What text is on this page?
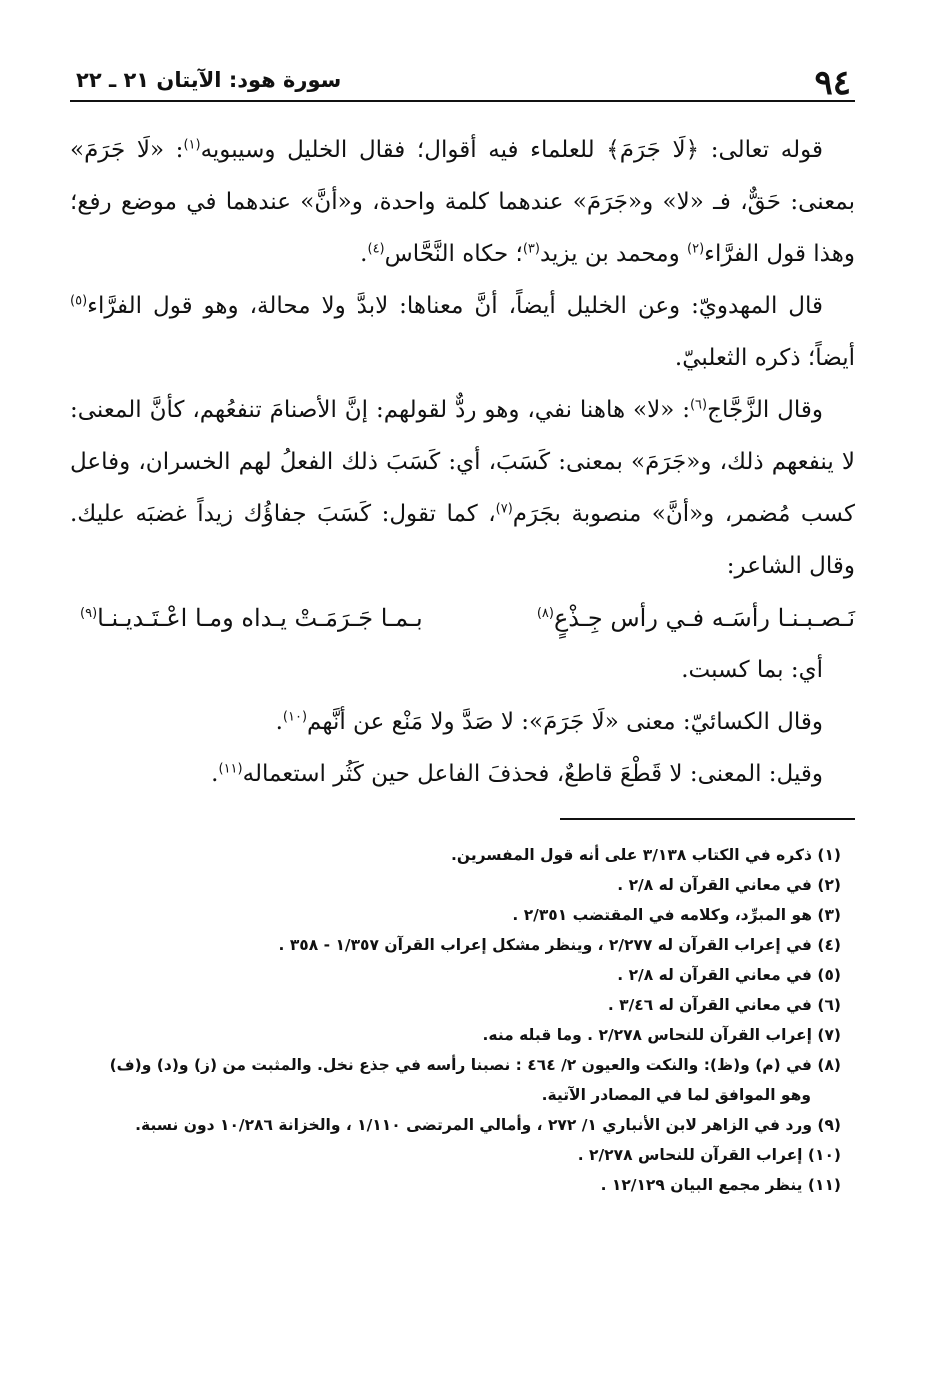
٩٤
سورة هود: الآيتان ٢١ ـ ٢٢

قوله تعالى: ﴿لَا جَرَمَ﴾ للعلماء فيه أقوال؛ فقال الخليل وسيبويه$^{(١)}$: «لَا جَرَمَ» بمعنى: حَقٌّ، فـ «لا» و«جَرَمَ» عندهما كلمة واحدة، و«أنَّ» عندهما في موضع رفع؛ وهذا قول الفرَّاء$^{(٢)}$ ومحمد بن يزيد$^{(٣)}$؛ حكاه النَّحَّاس$^{(٤)}$.

قال المهدويّ: وعن الخليل أيضاً، أنَّ معناها: لابدَّ ولا محالة، وهو قول الفرَّاء$^{(٥)}$ أيضاً؛ ذكره الثعلبيّ.

وقال الزَّجَّاج$^{(٦)}$: «لا» هاهنا نفي، وهو ردٌّ لقولهم: إنَّ الأصنامَ تنفعُهم، كأنَّ المعنى: لا ينفعهم ذلك، و«جَرَمَ» بمعنى: كَسَبَ، أي: كَسَبَ ذلك الفعلُ لهم الخسران، وفاعل كسب مُضمر، و«أنَّ» منصوبة بجَرَم$^{(٧)}$، كما تقول: كَسَبَ جفاؤُك زيداً غضبَه عليك. وقال الشاعر:

نَـصـبـنـا رأسَـه فـي رأس جِـذْعٍ$^{(٨)}$
بـمـا جَـرَمَـتْ يـداه ومـا اعْـتَـديـنـا$^{(٩)}$

أي: بما كسبت.

وقال الكسائيّ: معنى «لَا جَرَمَ»: لا صَدَّ ولا مَنْع عن أنَّهم$^{(١٠)}$.

وقيل: المعنى: لا قَطْعَ قاطعٌ، فحذفَ الفاعل حين كَثُر استعماله$^{(١١)}$.

(١) ذكره في الكتاب ٣/١٣٨ على أنه قول المفسرين.

(٢) في معاني القرآن له ٢/٨ .

(٣) هو المبرِّد، وكلامه في المقتضب ٢/٣٥١ .

(٤) في إعراب القرآن له ٢/٢٧٧ ، وينظر مشكل إعراب القرآن ١/٣٥٧ - ٣٥٨ .

(٥) في معاني القرآن له ٢/٨ .

(٦) في معاني القرآن له ٣/٤٦ .

(٧) إعراب القرآن للنحاس ٢/٢٧٨ . وما قبله منه.

(٨) في (م) و(ظ): والنكت والعيون ٢/ ٤٦٤ : نصبنا رأسه في جذع نخل. والمثبت من (ز) و(د) و(ف)

وهو الموافق لما في المصادر الآتية.

(٩) ورد في الزاهر لابن الأنباري ١/ ٢٧٢ ، وأمالي المرتضى ١/١١٠ ، والخزانة ١٠/٢٨٦ دون نسبة.

(١٠) إعراب القرآن للنحاس ٢/٢٧٨ .

(١١) ينظر مجمع البيان ١٢/١٢٩ .
